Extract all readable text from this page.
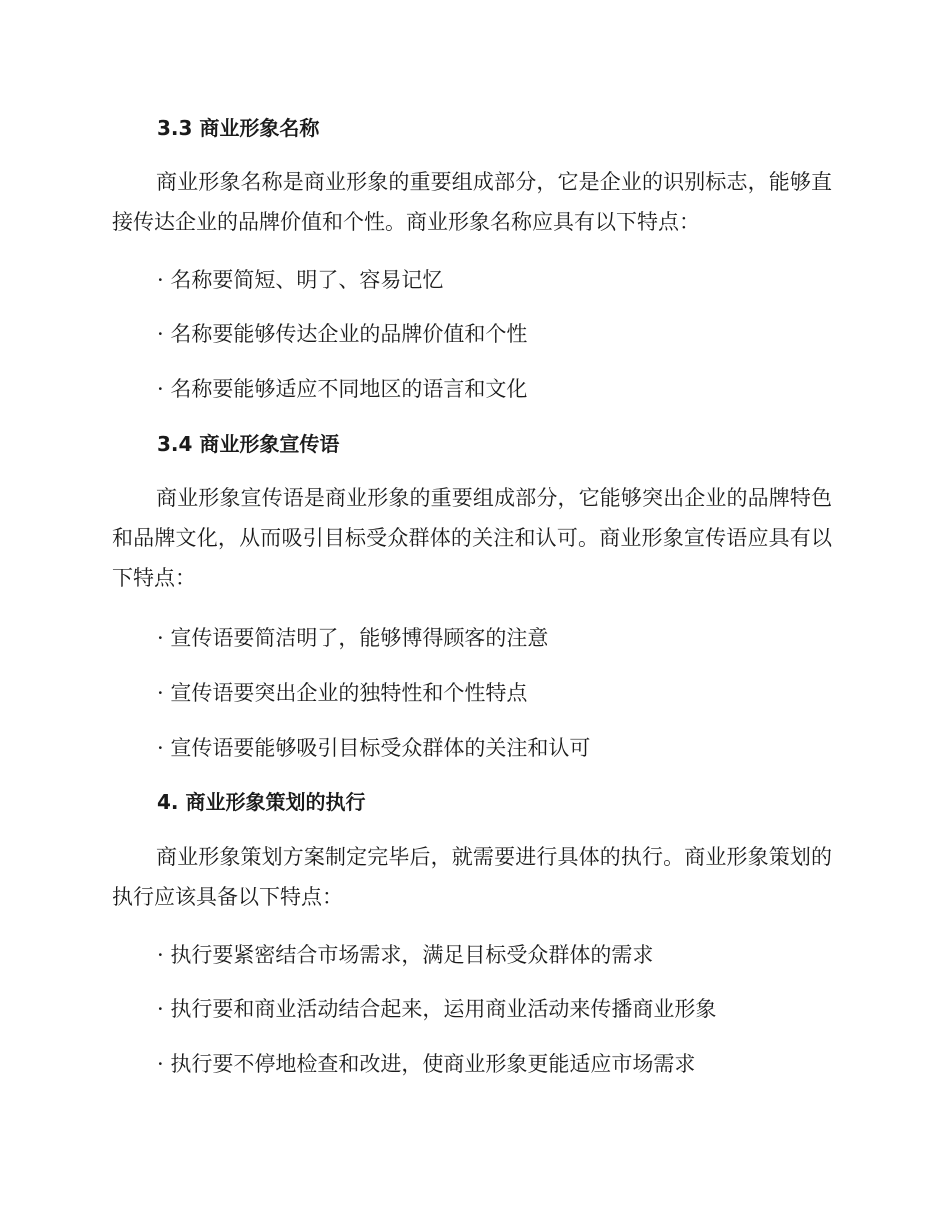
3.3 商业形象名称
商业形象名称是商业形象的重要组成部分，它是企业的识别标志，能够直接传达企业的品牌价值和个性。商业形象名称应具有以下特点：
· 名称要简短、明了、容易记忆
· 名称要能够传达企业的品牌价值和个性
· 名称要能够适应不同地区的语言和文化
3.4 商业形象宣传语
商业形象宣传语是商业形象的重要组成部分，它能够突出企业的品牌特色和品牌文化，从而吸引目标受众群体的关注和认可。商业形象宣传语应具有以下特点：
· 宣传语要简洁明了，能够博得顾客的注意
· 宣传语要突出企业的独特性和个性特点
· 宣传语要能够吸引目标受众群体的关注和认可
4. 商业形象策划的执行
商业形象策划方案制定完毕后，就需要进行具体的执行。商业形象策划的执行应该具备以下特点：
· 执行要紧密结合市场需求，满足目标受众群体的需求
· 执行要和商业活动结合起来，运用商业活动来传播商业形象
· 执行要不停地检查和改进，使商业形象更能适应市场需求
